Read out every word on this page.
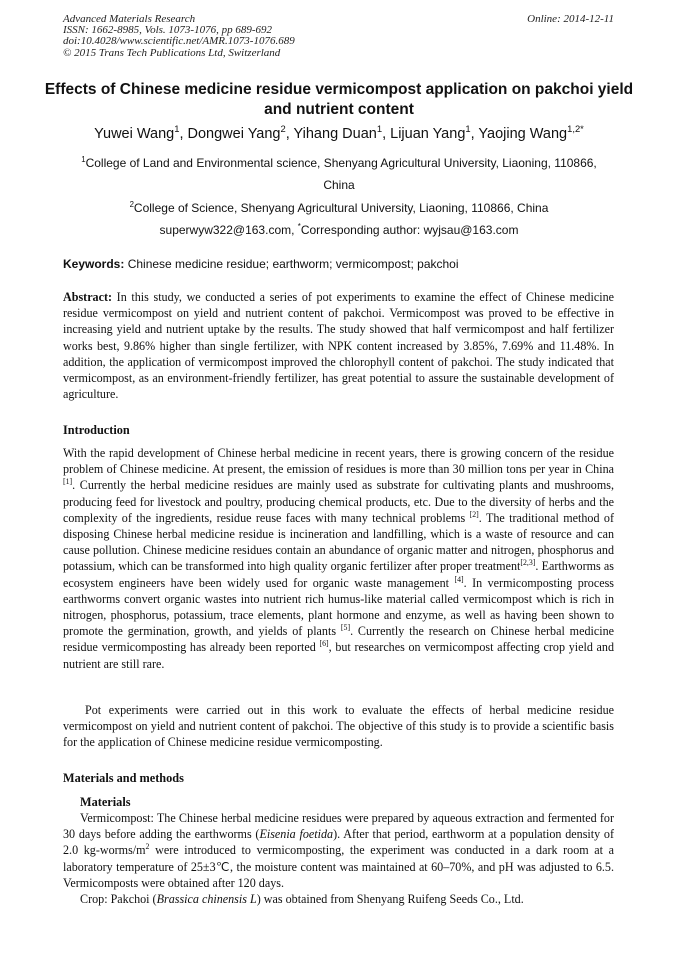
Advanced Materials Research
ISSN: 1662-8985, Vols. 1073-1076, pp 689-692
doi:10.4028/www.scientific.net/AMR.1073-1076.689
© 2015 Trans Tech Publications Ltd, Switzerland
Online: 2014-12-11
Effects of Chinese medicine residue vermicompost application on pakchoi yield and nutrient content
Yuwei Wang$^1$, Dongwei Yang$^2$, Yihang Duan$^1$, Lijuan Yang$^1$, Yaojing Wang$^{1,2*}$
$^1$College of Land and Environmental science, Shenyang Agricultural University, Liaoning, 110866,
China
$^2$College of Science, Shenyang Agricultural University, Liaoning, 110866, China
superwyw322@163.com, *Corresponding author: wyjsau@163.com
Keywords: Chinese medicine residue; earthworm; vermicompost; pakchoi
Abstract: In this study, we conducted a series of pot experiments to examine the effect of Chinese medicine residue vermicompost on yield and nutrient content of pakchoi. Vermicompost was proved to be effective in increasing yield and nutrient uptake by the results. The study showed that half vermicompost and half fertilizer works best, 9.86% higher than single fertilizer, with NPK content increased by 3.85%, 7.69% and 11.48%. In addition, the application of vermicompost improved the chlorophyll content of pakchoi. The study indicated that vermicompost, as an environment-friendly fertilizer, has great potential to assure the sustainable development of agriculture.
Introduction
With the rapid development of Chinese herbal medicine in recent years, there is growing concern of the residue problem of Chinese medicine. At present, the emission of residues is more than 30 million tons per year in China [1]. Currently the herbal medicine residues are mainly used as substrate for cultivating plants and mushrooms, producing feed for livestock and poultry, producing chemical products, etc. Due to the diversity of herbs and the complexity of the ingredients, residue reuse faces with many technical problems [2]. The traditional method of disposing Chinese herbal medicine residue is incineration and landfilling, which is a waste of resource and can cause pollution. Chinese medicine residues contain an abundance of organic matter and nitrogen, phosphorus and potassium, which can be transformed into high quality organic fertilizer after proper treatment[2,3]. Earthworms as ecosystem engineers have been widely used for organic waste management [4]. In vermicomposting process earthworms convert organic wastes into nutrient rich humus-like material called vermicompost which is rich in nitrogen, phosphorus, potassium, trace elements, plant hormone and enzyme, as well as having been shown to promote the germination, growth, and yields of plants [5]. Currently the research on Chinese herbal medicine residue vermicomposting has already been reported [6], but researches on vermicompost affecting crop yield and nutrient are still rare.
Pot experiments were carried out in this work to evaluate the effects of herbal medicine residue vermicompost on yield and nutrient content of pakchoi. The objective of this study is to provide a scientific basis for the application of Chinese medicine residue vermicomposting.
Materials and methods
Materials
Vermicompost: The Chinese herbal medicine residues were prepared by aqueous extraction and fermented for 30 days before adding the earthworms (Eisenia foetida). After that period, earthworm at a population density of 2.0 $kg-worms/m^2$ were introduced to vermicomposting, the experiment was conducted in a dark room at a laboratory temperature of 25±3℃, the moisture content was maintained at 60–70%, and pH was adjusted to 6.5. Vermicomposts were obtained after 120 days.
Crop: Pakchoi (Brassica chinensis L) was obtained from Shenyang Ruifeng Seeds Co., Ltd.
